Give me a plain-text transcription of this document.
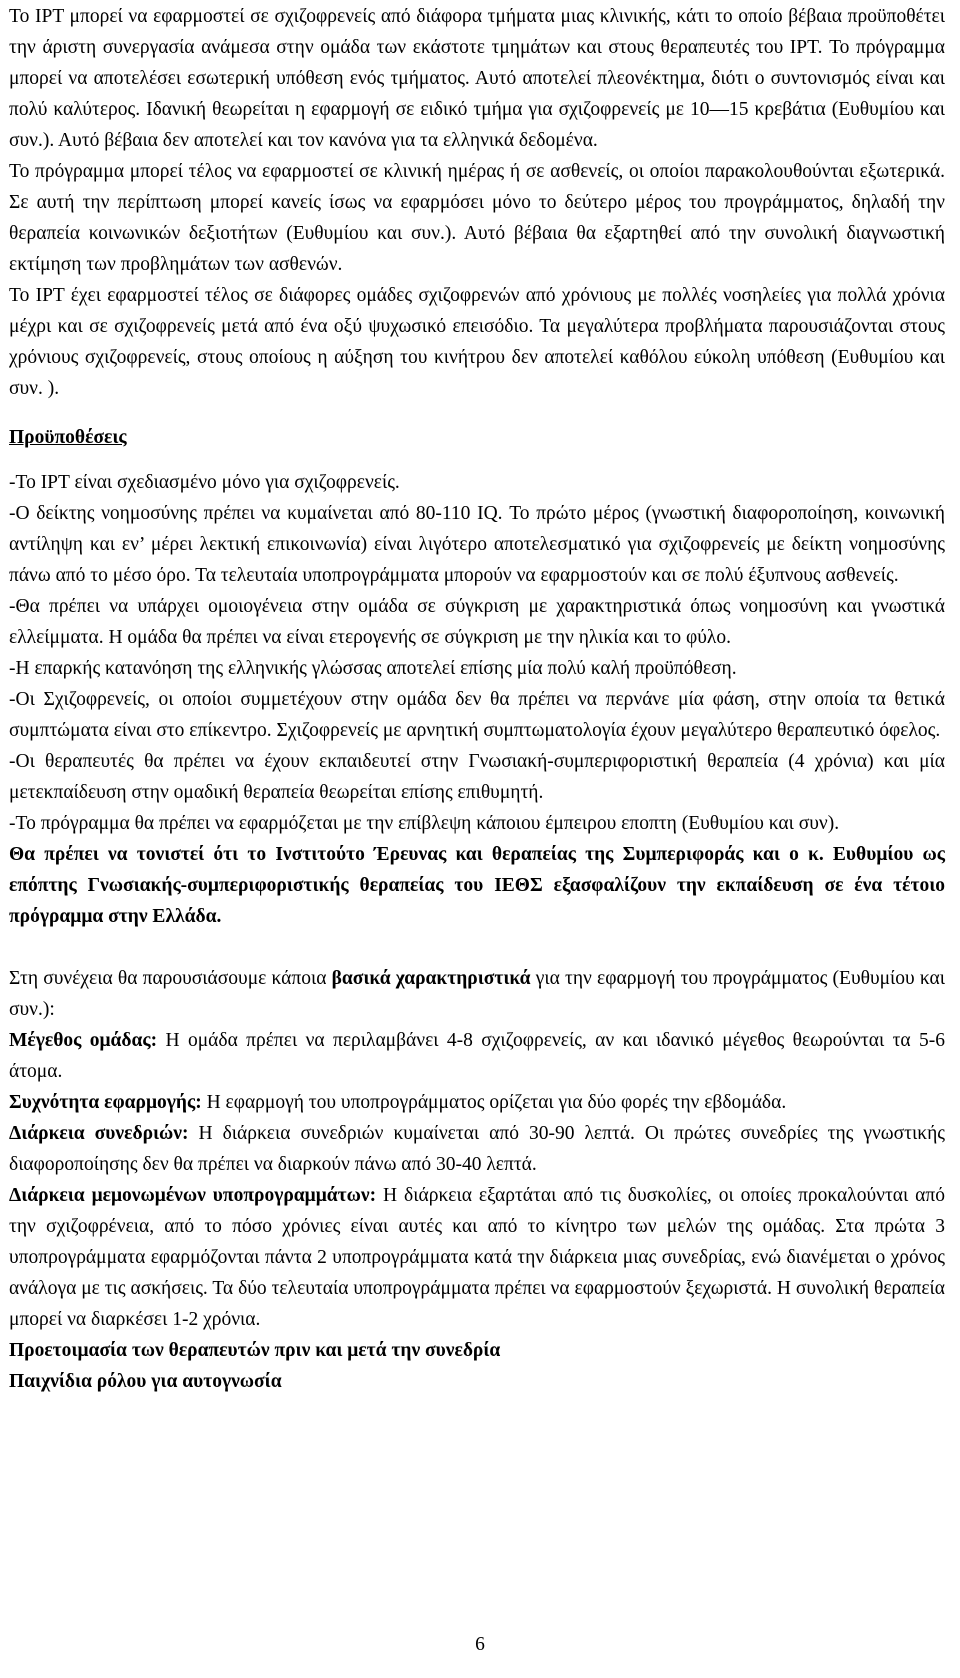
Το IPT μπορεί να εφαρμοστεί σε σχιζοφρενείς από διάφορα τμήματα μιας κλινικής, κάτι το οποίο βέβαια προϋποθέτει την άριστη συνεργασία ανάμεσα στην ομάδα των εκάστοτε τμημάτων και στους θεραπευτές του IPT. Το πρόγραμμα μπορεί να αποτελέσει εσωτερική υπόθεση ενός τμήματος. Αυτό αποτελεί πλεονέκτημα, διότι ο συντονισμός είναι και πολύ καλύτερος. Ιδανική θεωρείται η εφαρμογή σε ειδικό τμήμα για σχιζοφρενείς με 10—15 κρεβάτια (Ευθυμίου και συν.). Αυτό βέβαια δεν αποτελεί και τον κανόνα για τα ελληνικά δεδομένα.

Το πρόγραμμα μπορεί τέλος να εφαρμοστεί σε κλινική ημέρας ή σε ασθενείς, οι οποίοι παρακολουθούνται εξωτερικά. Σε αυτή την περίπτωση μπορεί κανείς ίσως να εφαρμόσει μόνο το δεύτερο μέρος του προγράμματος, δηλαδή την θεραπεία κοινωνικών δεξιοτήτων (Ευθυμίου και συν.). Αυτό βέβαια θα εξαρτηθεί από την συνολική διαγνωστική εκτίμηση των προβλημάτων των ασθενών.

Το IPT έχει εφαρμοστεί τέλος σε διάφορες ομάδες σχιζοφρενών από χρόνιους με πολλές νοσηλείες για πολλά χρόνια μέχρι και σε σχιζοφρενείς μετά από ένα οξύ ψυχωσικό επεισόδιο. Τα μεγαλύτερα προβλήματα παρουσιάζονται στους χρόνιους σχιζοφρενείς, στους οποίους η αύξηση του κινήτρου δεν αποτελεί καθόλου εύκολη υπόθεση (Ευθυμίου και συν. ).

Προϋποθέσεις

-Το IPT είναι σχεδιασμένο μόνο για σχιζοφρενείς.

-Ο δείκτης νοημοσύνης πρέπει να κυμαίνεται από 80-110 IQ. Το πρώτο μέρος (γνωστική διαφοροποίηση, κοινωνική αντίληψη και εν’ μέρει λεκτική επικοινωνία) είναι λιγότερο αποτελεσματικό για σχιζοφρενείς με δείκτη νοημοσύνης πάνω από το μέσο όρο. Τα τελευταία υποπρογράμματα μπορούν να εφαρμοστούν και σε πολύ έξυπνους ασθενείς.

-Θα πρέπει να υπάρχει ομοιογένεια στην ομάδα σε σύγκριση με χαρακτηριστικά όπως νοημοσύνη και γνωστικά ελλείμματα. Η ομάδα θα πρέπει να είναι ετερογενής σε σύγκριση με την ηλικία και το φύλο.

-Η επαρκής κατανόηση της ελληνικής γλώσσας αποτελεί επίσης μία πολύ καλή προϋπόθεση.

-Οι Σχιζοφρενείς, οι οποίοι συμμετέχουν στην ομάδα δεν θα πρέπει να περνάνε μία φάση, στην οποία τα θετικά συμπτώματα είναι στο επίκεντρο. Σχιζοφρενείς με αρνητική συμπτωματολογία έχουν μεγαλύτερο θεραπευτικό όφελος.

-Οι θεραπευτές θα πρέπει να έχουν εκπαιδευτεί στην Γνωσιακή-συμπεριφοριστική θεραπεία (4 χρόνια) και μία μετεκπαίδευση στην ομαδική θεραπεία θεωρείται επίσης επιθυμητή.

-Το πρόγραμμα θα πρέπει να εφαρμόζεται με την επίβλεψη κάποιου έμπειρου εποπτη (Ευθυμίου και συν).

Θα πρέπει να τονιστεί ότι το Ινστιτούτο Έρευνας και θεραπείας της Συμπεριφοράς και ο κ. Ευθυμίου ως επόπτης Γνωσιακής-συμπεριφοριστικής θεραπείας του ΙΕΘΣ εξασφαλίζουν την εκπαίδευση σε ένα τέτοιο πρόγραμμα στην Ελλάδα.

Στη συνέχεια θα παρουσιάσουμε κάποια βασικά χαρακτηριστικά για την εφαρμογή του προγράμματος (Ευθυμίου και συν.):

Μέγεθος ομάδας: Η ομάδα πρέπει να περιλαμβάνει 4-8 σχιζοφρενείς, αν και ιδανικό μέγεθος θεωρούνται τα 5-6 άτομα.

Συχνότητα εφαρμογής: Η εφαρμογή του υποπρογράμματος ορίζεται για δύο φορές την εβδομάδα.

Διάρκεια συνεδριών: Η διάρκεια συνεδριών κυμαίνεται από 30-90 λεπτά. Οι πρώτες συνεδρίες της γνωστικής διαφοροποίησης δεν θα πρέπει να διαρκούν πάνω από 30-40 λεπτά.

Διάρκεια μεμονωμένων υποπρογραμμάτων: Η διάρκεια εξαρτάται από τις δυσκολίες, οι οποίες προκαλούνται από την σχιζοφρένεια, από το πόσο χρόνιες είναι αυτές και από το κίνητρο των μελών της ομάδας. Στα πρώτα 3 υποπρογράμματα εφαρμόζονται πάντα 2 υποπρογράμματα κατά την διάρκεια μιας συνεδρίας, ενώ διανέμεται ο χρόνος ανάλογα με τις ασκήσεις. Τα δύο τελευταία υποπρογράμματα πρέπει να εφαρμοστούν ξεχωριστά. Η συνολική θεραπεία μπορεί να διαρκέσει 1-2 χρόνια.

Προετοιμασία των θεραπευτών πριν και μετά την συνεδρία

Παιχνίδια ρόλου για αυτογνωσία

6
